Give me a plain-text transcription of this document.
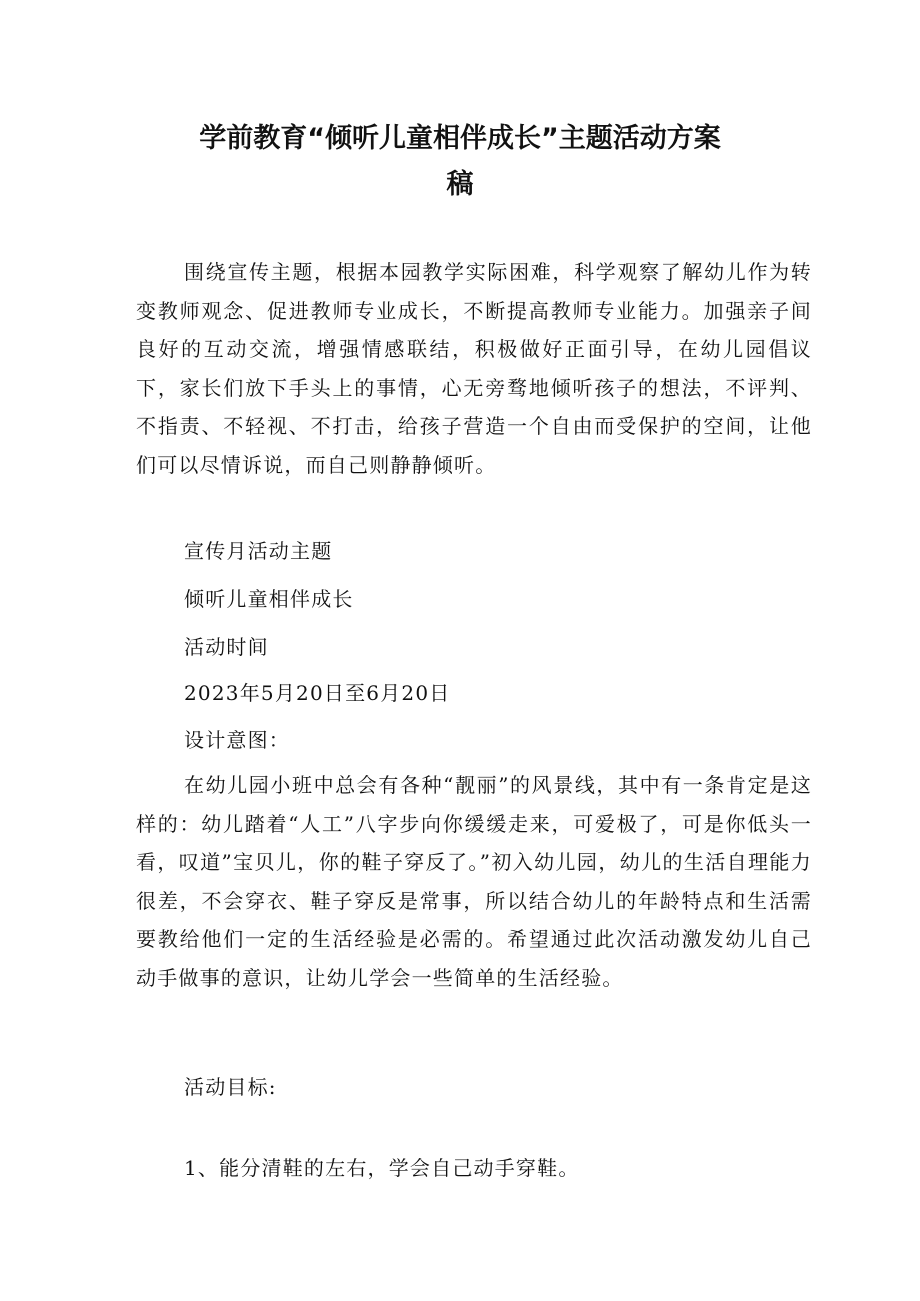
学前教育“倾听儿童相伴成长”主题活动方案
稿

围绕宣传主题，根据本园教学实际困难，科学观察了解幼儿作为转变教师观念、促进教师专业成长，不断提高教师专业能力。加强亲子间良好的互动交流，增强情感联结，积极做好正面引导，在幼儿园倡议下，家长们放下手头上的事情，心无旁骛地倾听孩子的想法，不评判、不指责、不轻视、不打击，给孩子营造一个自由而受保护的空间，让他们可以尽情诉说，而自己则静静倾听。

宣传月活动主题

倾听儿童相伴成长

活动时间

2023年5月20日至6月20日

设计意图：

在幼儿园小班中总会有各种“靓丽”的风景线，其中有一条肯定是这样的：幼儿踏着“人工”八字步向你缓缓走来，可爱极了，可是你低头一看，叹道”宝贝儿，你的鞋子穿反了。”初入幼儿园，幼儿的生活自理能力很差，不会穿衣、鞋子穿反是常事，所以结合幼儿的年龄特点和生活需要教给他们一定的生活经验是必需的。希望通过此次活动激发幼儿自己动手做事的意识，让幼儿学会一些简单的生活经验。

活动目标:

1、能分清鞋的左右，学会自己动手穿鞋。
